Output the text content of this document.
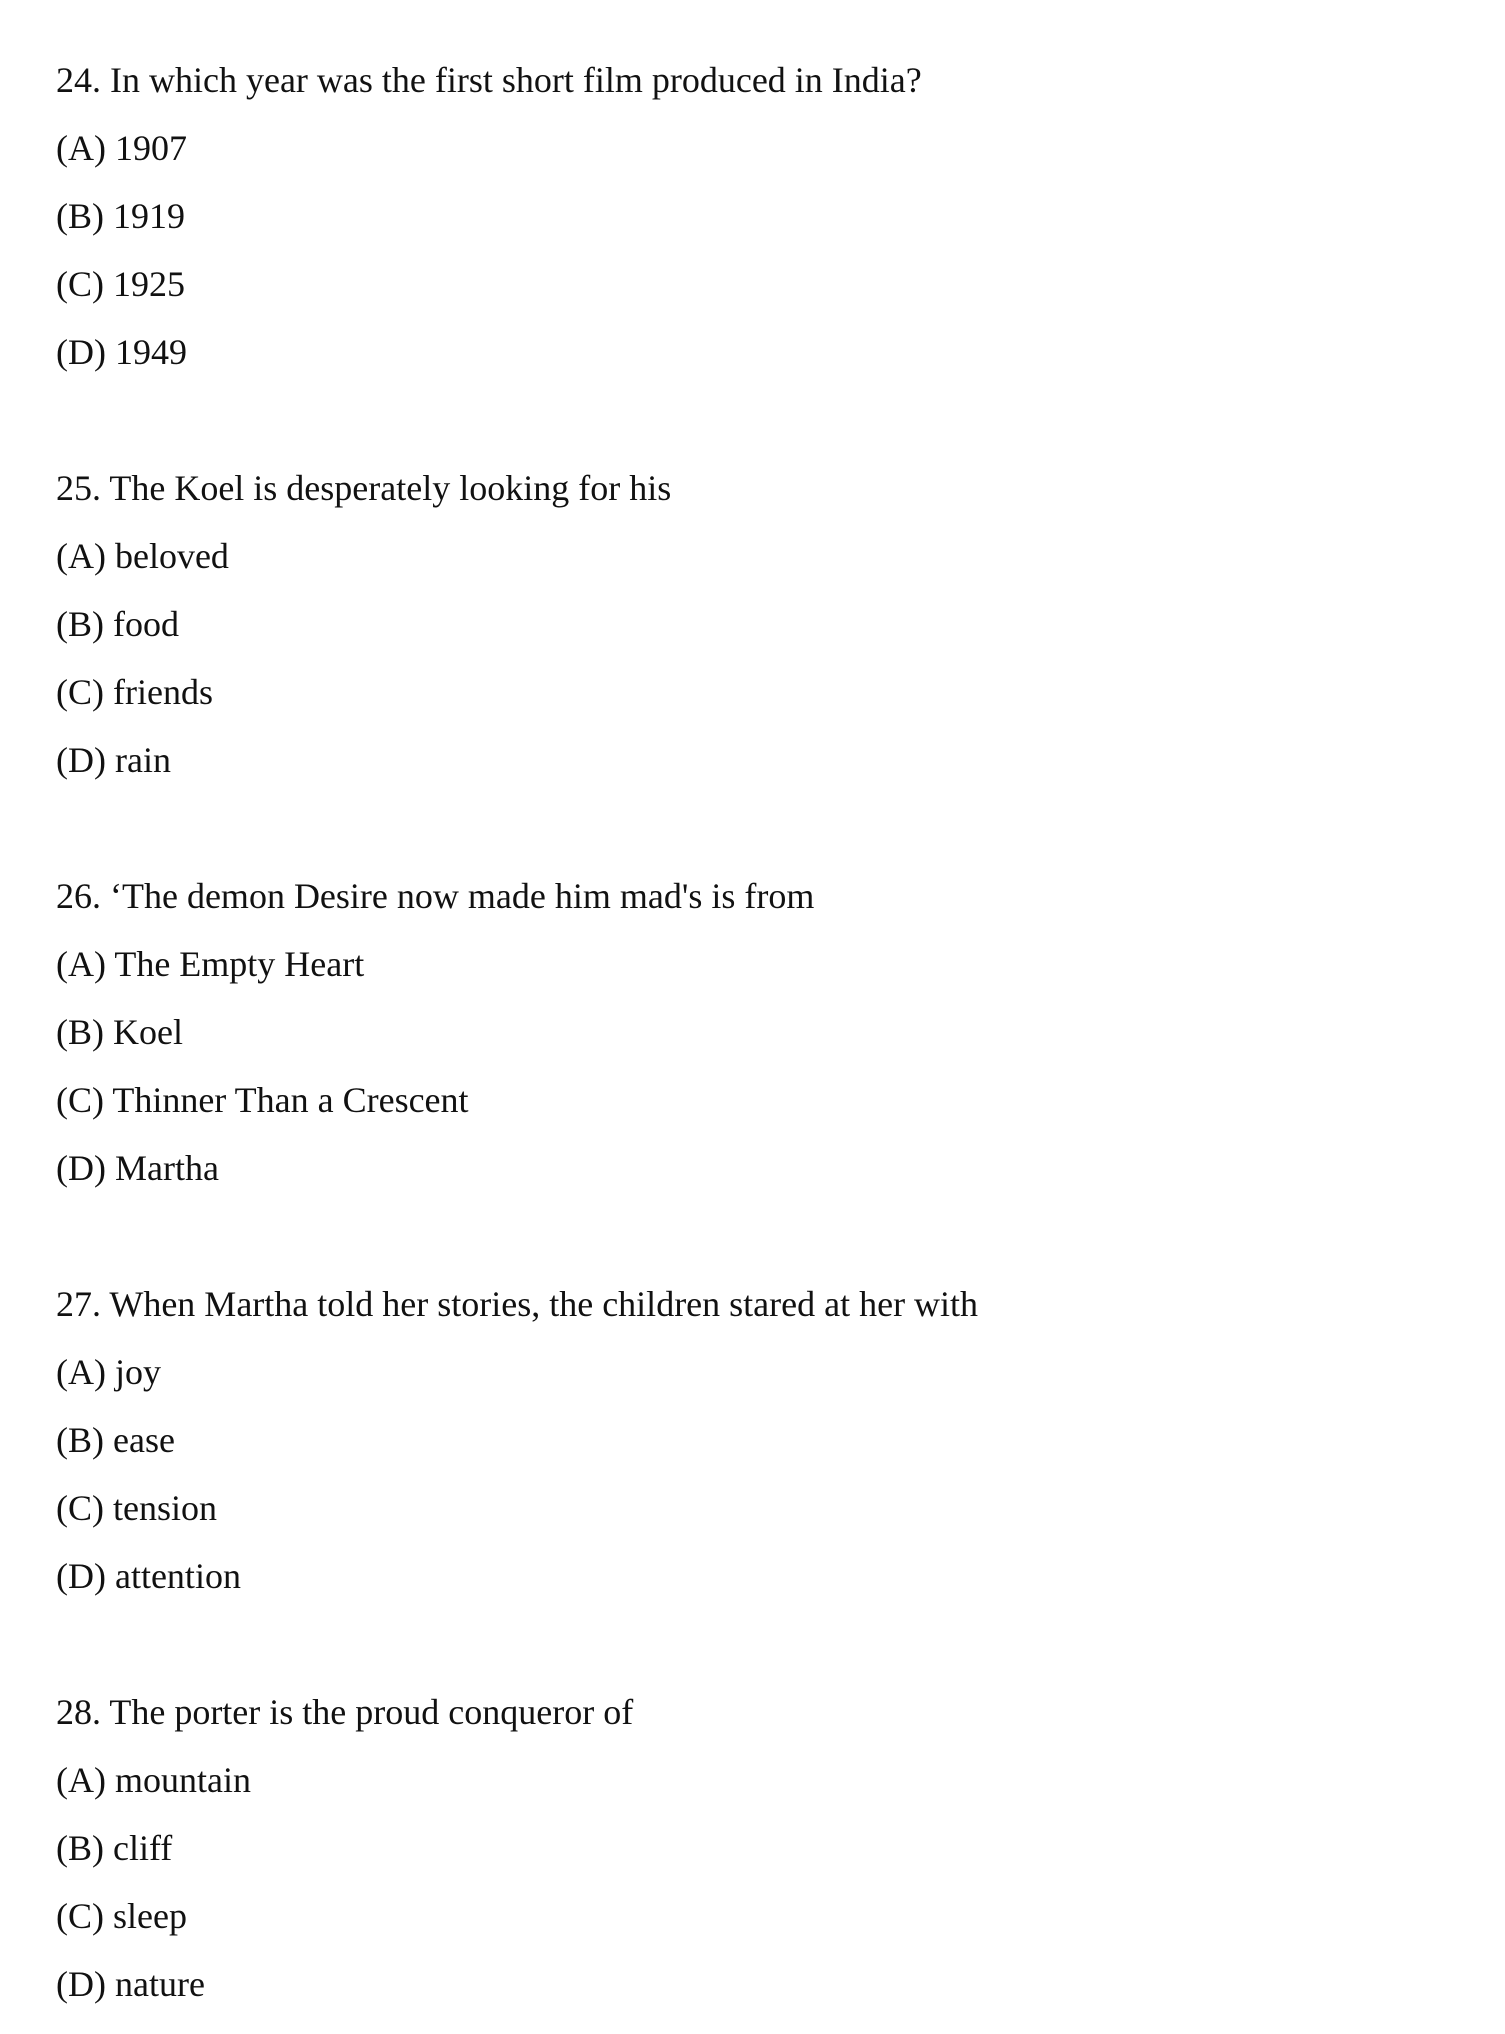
24. In which year was the first short film produced in India?
(A) 1907
(B) 1919
(C) 1925
(D) 1949
25. The Koel is desperately looking for his
(A) beloved
(B) food
(C) friends
(D) rain
26. ‘The demon Desire now made him mad's is from
(A) The Empty Heart
(B) Koel
(C) Thinner Than a Crescent
(D) Martha
27. When Martha told her stories, the children stared at her with
(A) joy
(B) ease
(C) tension
(D) attention
28. The porter is the proud conqueror of
(A) mountain
(B) cliff
(C) sleep
(D) nature
